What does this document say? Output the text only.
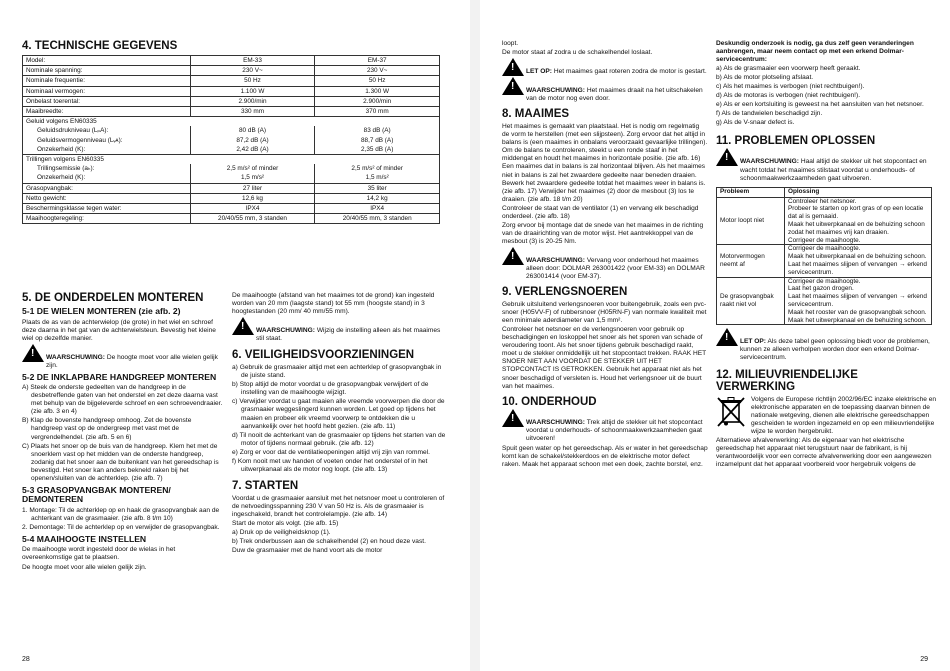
4. TECHNISCHE GEGEVENS
Model:	EM-33	EM-37
Nominale spanning:	230 V~	230 V~
Nominale frequentie:	50 Hz	50 Hz
Nominaal vermogen:	1.100 W	1.300 W
Onbelast toerental:	2.900/min	2.900/min
Maaibreedte:	330 mm	370 mm
Geluid volgens EN60335		
Geluidsdrukniveau (LₚA):	80 dB (A)	83 dB (A)
Geluidsvermogenniveau (Lᵥᴀ):	87,2 dB (A)	88,7 dB (A)
Onzekerheid (K):	2,42 dB (A)	2,35 dB (A)
Trillingen volgens EN60335		
Trillingsemissie (aₕ):	2,5 m/s² of minder	2,5 m/s² of minder
Onzekerheid (K):	1,5 m/s²	1,5 m/s²
Grasopvangbak:	27 liter	35 liter
Netto gewicht:	12,6 kg	14,2 kg
Beschermingsklasse tegen water:	IPX4	IPX4
Maaihoogteregeling:	20/40/55 mm, 3 standen	20/40/55 mm, 3 standen
5. DE ONDERDELEN MONTEREN
5-1 DE WIELEN MONTEREN (zie afb. 2)

Plaats de as van de achterwielop (de grote) in het wiel en schroef deze daarna in het gat van de achterwielsteun. Bevestig het kleine wiel op dezelfde manier.

! WAARSCHUWING: De hoogte moet voor alle wielen gelijk zijn.
5-2 DE INKLAPBARE HANDGREEP MONTEREN

A) Steek de onderste gedeelten van de handgreep in de desbetreffende gaten van het onderstel en zet deze daarna vast met behulp van de bijgeleverde schroef en een schroevendraaier. (zie afb. 3 en 4)

B) Klap de bovenste handgreep omhoog. Zet de bovenste handgreep vast op de ondergreep met vast met de vergrendelhendel. (zie afb. 5 en 6)

C) Plaats het snoer op de buis van de handgreep. Klem het met de snoerklem vast op het midden van de onderste handgreep, zodanig dat het snoer aan de buitenkant van het gereedschap is bevestigd. Het snoer kan anders bekneld raken bij het openen/sluiten van de achterklep. (zie afb. 7)

5-3 GRASOPVANGBAK MONTEREN/ DEMONTEREN

1. Montage: Til de achterklep op en haak de grasopvangbak aan de achterkant van de grasmaaier. (zie afb. 8 t/m 10)

2. Demontage: Til de achterklep op en verwijder de grasopvangbak.

5-4 MAAIHOOGTE INSTELLEN

De maaihoogte wordt ingesteld door de wielas in het overeenkomstige gat te plaatsen.

De hoogte moet voor alle wielen gelijk zijn.

De maaihoogte (afstand van het maaimes tot de grond) kan ingesteld worden van 20 mm (laagste stand) tot 55 mm (hoogste stand) in 3 hoogtestanden (20 mm/ 40 mm/55 mm).

! WAARSCHUWING: Wijzig de instelling alleen als het maaimes stil staat.
6. VEILIGHEIDSVOORZIENINGEN

a) Gebruik de grasmaaier altijd met een achterklep of grasopvangbak in de juiste stand.

b) Stop altijd de motor voordat u de grasopvangbak verwijdert of de instelling van de maaihoogte wijzigt.

c) Verwijder voordat u gaat maaien alle vreemde voorwerpen die door de grasmaaier weggeslingerd kunnen worden. Let goed op tijdens het maaien en probeer elk vreemd voorwerp te ontdekken die u aanvankelijk over het hoofd hebt gezien. (zie afb. 11)

d) Til nooit de achterkant van de grasmaaier op tijdens het starten van de motor of tijdens normaal gebruik. (zie afb. 12)

e) Zorg er voor dat de ventilatieopeningen altijd vrij zijn van rommel.

f) Kom nooit met uw handen of voeten onder het onderstel of in het uitwerpkanaal als de motor nog loopt. (zie afb. 13)

7. STARTEN

Voordat u de grasmaaier aansluit met het netsnoer moet u controleren of de netvoedingsspanning 230 V van 50 Hz is. Als de grasmaaier is ingeschakeld, brandt het controlelampje. (zie afb. 14)

Start de motor als volgt. (zie afb. 15)

a) Druk op de veiligheidsknop (1).

b) Trek onderbussen aan de schakelhendel (2) en houd deze vast.

Duw de grasmaaier met de hand voort als de motor

28

loopt.

De motor staat af zodra u de schakelhendel loslaat.

! LET OP: Het maaimes gaat roteren zodra de motor is gestart.
! WAARSCHUWING: Het maaimes draait na het uitschakelen van de motor nog even door.
8. MAAIMES

Het maaimes is gemaakt van plaatstaal. Het is nodig om regelmatig de vorm te herstellen (met een slijpsteen). Zorg ervoor dat het altijd in balans is (een maaimes in onbalans veroorzaakt gevaarlijke trillingen). Om de balans te controleren, steekt u een ronde staaf in het middengat en houdt het maaimes in horizontale positie. (zie afb. 16) Een maaimes dat in balans is zal horizontaal blijven. Als het maaimes niet in balans is zal het zwaardere gedeelte naar beneden draaien. Bewerk het zwaardere gedeelte totdat het maaimes weer in balans is. (zie afb. 17) Verwijder het maaimes (2) door de mesbout (3) los te draaien. (zie afb. 18 t/m 20)

Controleer de staat van de ventilator (1) en vervang elk beschadigd onderdeel. (zie afb. 18)

Zorg ervoor bij montage dat de snede van het maaimes in de richting van de draairichting van de motor wijst. Het aantrekkoppel van de mesbout (3) is 20-25 Nm.

! WAARSCHUWING: Vervang voor onderhoud het maaimes alleen door: DOLMAR 263001422 (voor EM-33) en DOLMAR 263001414 (voor EM-37).
9. VERLENGSNOEREN

Gebruik uitsluitend verlengsnoeren voor buitengebruik, zoals een pvc-snoer (H05VV-F) of rubbersnoer (H05RN-F) van normale kwaliteit met een minimale aderdiameter van 1,5 mm².

Controleer het netsnoer en de verlengsnoeren voor gebruik op beschadigingen en loskoppel het snoer als het sporen van schade of veroudering toont. Als het snoer tijdens gebruik beschadigd raakt, moet u de stekker onmiddellijk uit het stopcontact trekken. RAAK HET SNOER NIET AAN VOORDAT DE STEKKER UIT HET STOPCONTACT IS GETROKKEN. Gebruik het apparaat niet als het snoer beschadigd of versleten is. Houd het verlengsnoer uit de buurt van het maaimes.

10. ONDERHOUD
! WAARSCHUWING: Trek altijd de stekker uit het stopcontact voordat u onderhouds- of schoonmaakwerkzaamheden gaat uitvoeren!

Spuit geen water op het gereedschap. Als er water in het gereedschap komt kan de schakel/stekkerdoos en de elektrische motor defect raken. Maak het apparaat schoon met een doek, zachte borstel, enz.

Deskundig onderzoek is nodig, ga dus zelf geen veranderingen aanbrengen, maar neem contact op met een erkend Dolmar-servicecentrum:

a) Als de grasmaaier een voorwerp heeft geraakt.

b) Als de motor plotseling afslaat.

c) Als het maaimes is verbogen (niet rechtbuigen!).

d) Als de motoras is verbogen (niet rechtbuigen!).

e) Als er een kortsluiting is geweest na het aansluiten van het netsnoer.

f) Als de tandwielen beschadigd zijn.

g) Als de V-snaar defect is.

11. PROBLEMEN OPLOSSEN
! WAARSCHUWING: Haal altijd de stekker uit het stopcontact en wacht totdat het maaimes stilstaat voordat u onderhouds- of schoonmaakwerkzaamheden gaat uitvoeren.
Probleem	Oplossing
Motor loopt niet	Controleer het netsnoer.
Probeer te starten op kort gras of op een locatie dat al is gemaaid.
Maak het uitwerpkanaal en de behuizing schoon zodat het maaimes vrij kan draaien.
Corrigeer de maaihoogte.

Motorvermogen neemt af	Corrigeer de maaihoogte.
Maak het uitwerpkanaal en de behuizing schoon.
Laat het maaimes slijpen of vervangen → erkend servicecentrum.

De grasopvangbak raakt niet vol	Corrigeer de maaihoogte.
Laat het gazon drogen.
Laat het maaimes slijpen of vervangen → erkend servicecentrum.
Maak het rooster van de grasopvangbak schoon.
Maak het uitwerpkanaal en de behuizing schoon.
! LET OP: Als deze tabel geen oplossing biedt voor de problemen, kunnen ze alleen verholpen worden door een erkend Dolmar-servicecentrum.
12. MILIEUVRIENDELIJKE VERWERKING

Volgens de Europese richtlijn 2002/96/EC inzake elektrische en elektronische apparaten en de toepassing daarvan binnen de nationale wetgeving, dienen alle elektrische gereedschappen gescheiden te worden ingezameld en op een milieuvriendelijke wijze te worden hergebruikt.

Alternatieve afvalverwerking: Als de eigenaar van het elektrische gereedschap het apparaat niet terugstuurt naar de fabrikant, is hij verantwoordelijk voor een correcte afvalverwerking door een aangewezen inzamelpunt dat het apparaat voorbereid voor hergebruik volgens de

29
